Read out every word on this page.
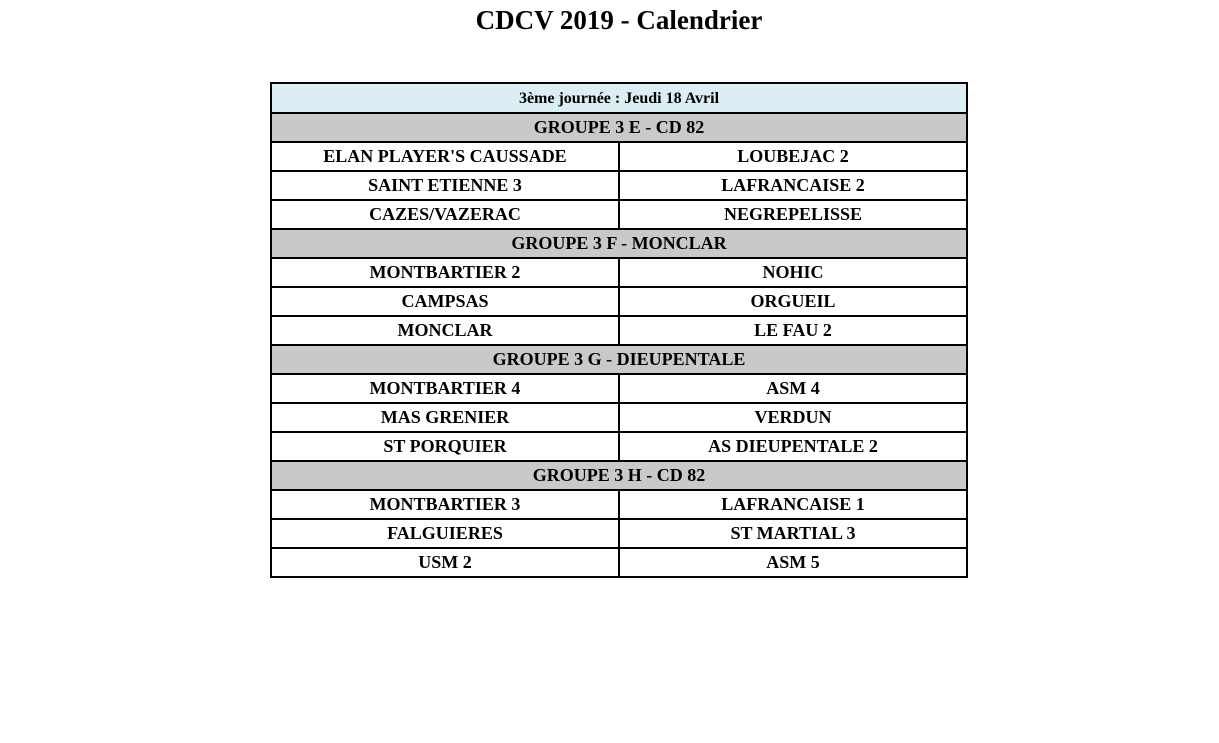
CDCV 2019 - Calendrier
3ème journée : Jeudi 18 Avril	
GROUPE 3 E - CD 82	
ELAN PLAYER'S CAUSSADE	LOUBEJAC 2
SAINT ETIENNE 3	LAFRANCAISE 2
CAZES/VAZERAC	NEGREPELISSE
GROUPE 3 F - MONCLAR	
MONTBARTIER 2	NOHIC
CAMPSAS	ORGUEIL
MONCLAR	LE FAU 2
GROUPE 3 G - DIEUPENTALE	
MONTBARTIER 4	ASM 4
MAS GRENIER	VERDUN
ST PORQUIER	AS DIEUPENTALE 2
GROUPE 3 H - CD 82	
MONTBARTIER 3	LAFRANCAISE 1
FALGUIERES	ST MARTIAL 3
USM 2	ASM 5
